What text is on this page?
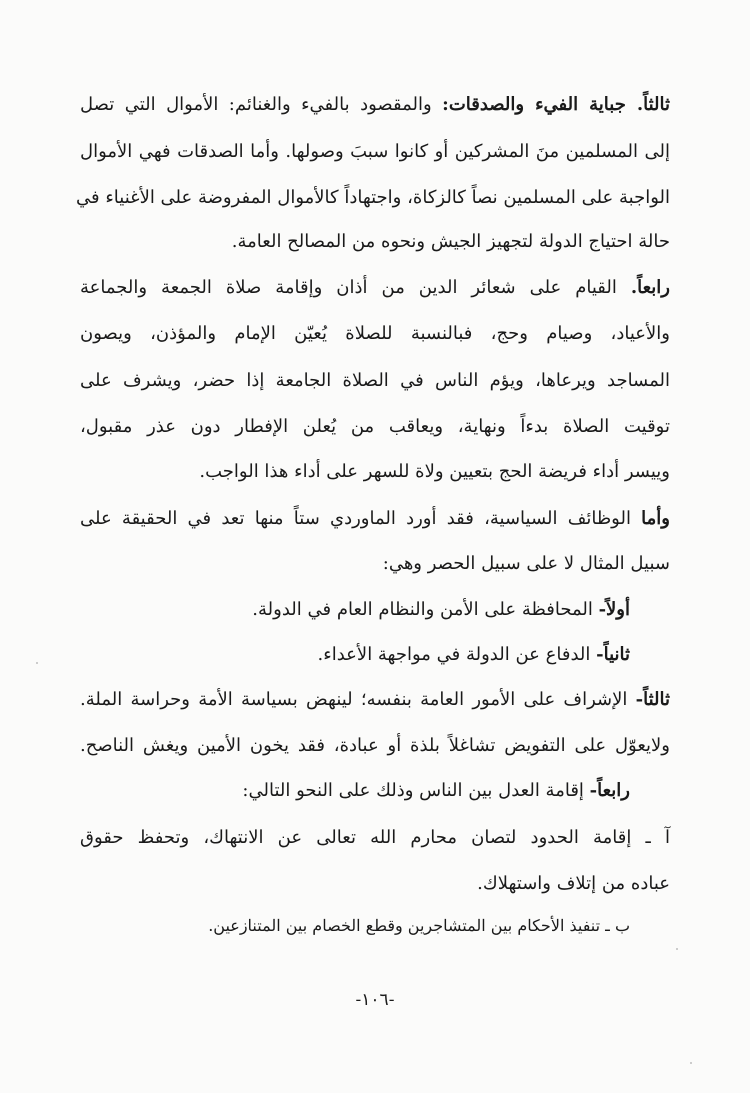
ثالثاً. جباية الفيء والصدقات: والمقصود بالفيء والغنائم: الأموال التي تصل
إلى المسلمين منَ المشركين أو كانوا سببَ وصولها. وأما الصدقات فهي الأموال
الواجبة على المسلمين نصاً كالزكاة، واجتهاداً كالأموال المفروضة على الأغنياء في
حالة احتياج الدولة لتجهيز الجيش ونحوه من المصالح العامة.
رابعاً. القيام على شعائر الدين من أذان وإقامة صلاة الجمعة والجماعة
والأعياد، وصيام وحج، فبالنسبة للصلاة يُعيّن الإمام والمؤذن، ويصون
المساجد ويرعاها، ويؤم الناس في الصلاة الجامعة إذا حضر، ويشرف على
توقيت الصلاة بدءاً ونهاية، ويعاقب من يُعلن الإفطار دون عذر مقبول،
وييسر أداء فريضة الحج بتعيين ولاة للسهر على أداء هذا الواجب.
وأما الوظائف السياسية، فقد أورد الماوردي ستاً منها تعد في الحقيقة على
سبيل المثال لا على سبيل الحصر وهي:
أولاً- المحافظة على الأمن والنظام العام في الدولة.
ثانياً- الدفاع عن الدولة في مواجهة الأعداء.
ثالثاً- الإشراف على الأمور العامة بنفسه؛ لينهض بسياسة الأمة وحراسة الملة.
ولايعوّل على التفويض تشاغلاً بلذة أو عبادة، فقد يخون الأمين ويغش الناصح.
رابعاً- إقامة العدل بين الناس وذلك على النحو التالي:
آ ـ إقامة الحدود لتصان محارم الله تعالى عن الانتهاك، وتحفظ حقوق
عباده من إتلاف واستهلاك.
ب ـ تنفيذ الأحكام بين المتشاجرين وقطع الخصام بين المتنازعين.
-١٠٦-
